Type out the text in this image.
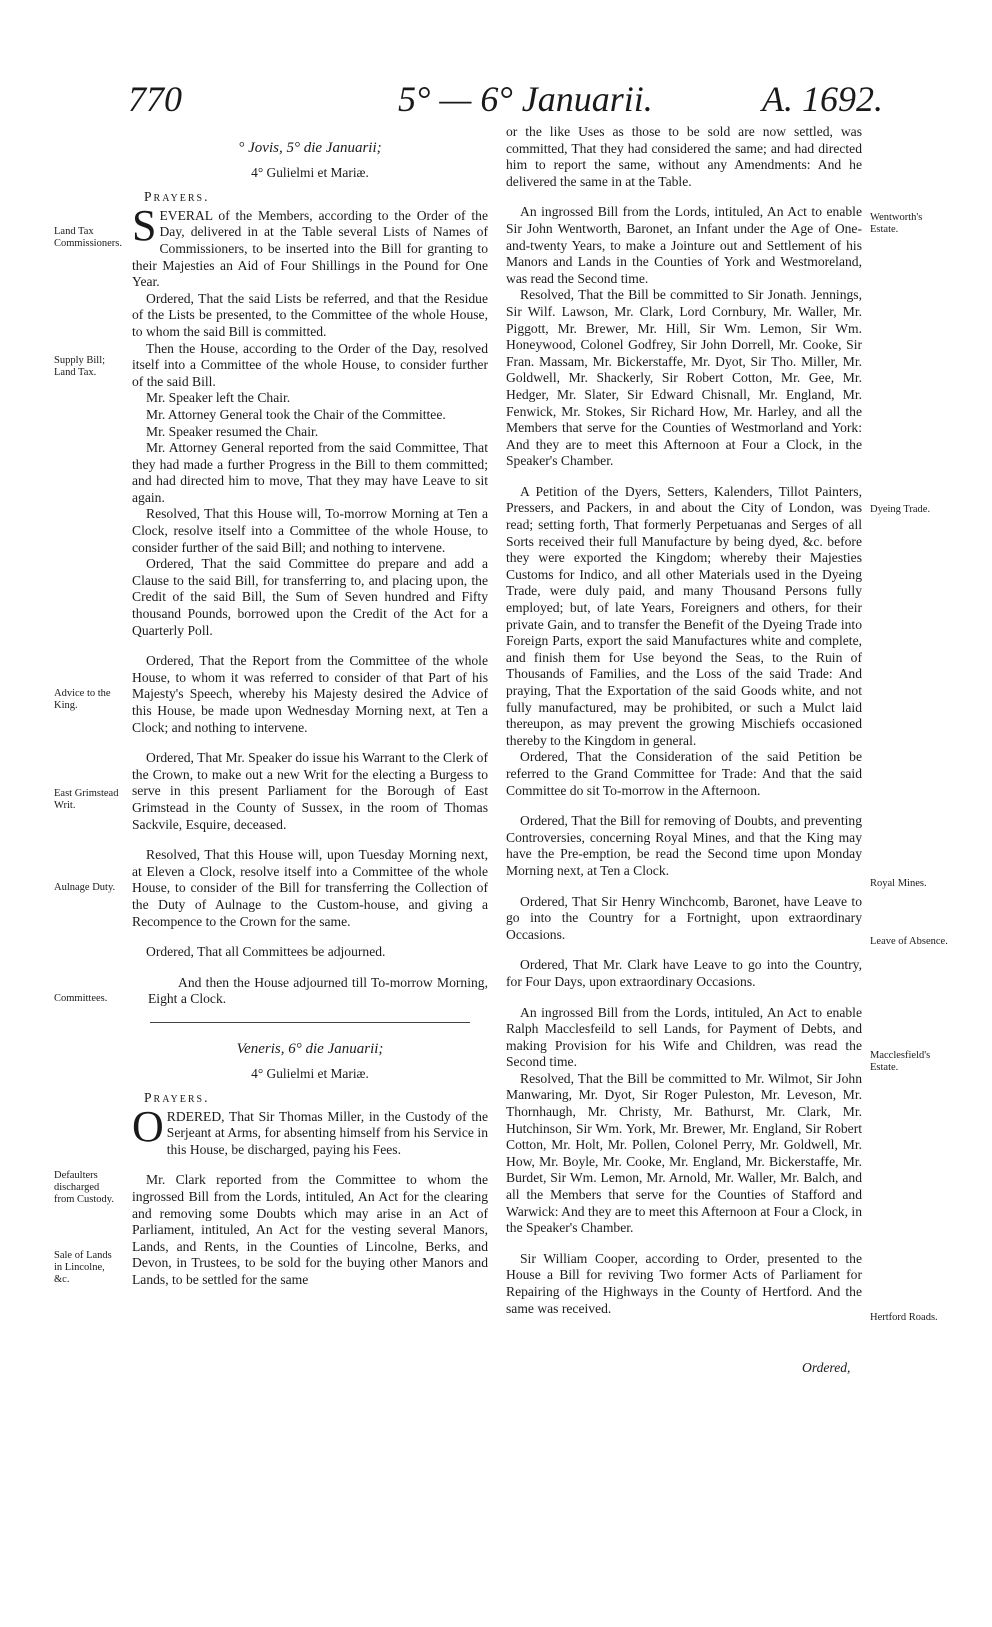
770	5° — 6° Januarii.	A. 1692.
Land Tax Commissioners.
Supply Bill; Land Tax.
Advice to the King.
East Grimstead Writ.
Aulnage Duty.
Committees.
Defaulters discharged from Custody.
Sale of Lands in Lincolne, &c.
Wentworth's Estate.
Dyeing Trade.
Royal Mines.
Leave of Absence.
Macclesfield's Estate.
Hertford Roads.
° Jovis, 5° die Januarii;
4° Gulielmi et Mariæ.
Prayers.

SEVERAL of the Members, according to the Order of the Day, delivered in at the Table several Lists of Names of Commissioners, to be inserted into the Bill for granting to their Majesties an Aid of Four Shillings in the Pound for One Year.

Ordered, That the said Lists be referred, and that the Residue of the Lists be presented, to the Committee of the whole House, to whom the said Bill is committed.

Then the House, according to the Order of the Day, resolved itself into a Committee of the whole House, to consider further of the said Bill.

Mr. Speaker left the Chair.

Mr. Attorney General took the Chair of the Committee.

Mr. Speaker resumed the Chair.

Mr. Attorney General reported from the said Committee, That they had made a further Progress in the Bill to them committed; and had directed him to move, That they may have Leave to sit again.

Resolved, That this House will, To-morrow Morning at Ten a Clock, resolve itself into a Committee of the whole House, to consider further of the said Bill; and nothing to intervene.

Ordered, That the said Committee do prepare and add a Clause to the said Bill, for transferring to, and placing upon, the Credit of the said Bill, the Sum of Seven hundred and Fifty thousand Pounds, borrowed upon the Credit of the Act for a Quarterly Poll.

Ordered, That the Report from the Committee of the whole House, to whom it was referred to consider of that Part of his Majesty's Speech, whereby his Majesty desired the Advice of this House, be made upon Wednesday Morning next, at Ten a Clock; and nothing to intervene.

Ordered, That Mr. Speaker do issue his Warrant to the Clerk of the Crown, to make out a new Writ for the electing a Burgess to serve in this present Parliament for the Borough of East Grimstead in the County of Sussex, in the room of Thomas Sackvile, Esquire, deceased.

Resolved, That this House will, upon Tuesday Morning next, at Eleven a Clock, resolve itself into a Committee of the whole House, to consider of the Bill for transferring the Collection of the Duty of Aulnage to the Custom-house, and giving a Recompence to the Crown for the same.

Ordered, That all Committees be adjourned.

And then the House adjourned till To-morrow Morning, Eight a Clock.

Veneris, 6° die Januarii;
4° Gulielmi et Mariæ.
Prayers.

ORDERED, That Sir Thomas Miller, in the Custody of the Serjeant at Arms, for absenting himself from his Service in this House, be discharged, paying his Fees.

Mr. Clark reported from the Committee to whom the ingrossed Bill from the Lords, intituled, An Act for the clearing and removing some Doubts which may arise in an Act of Parliament, intituled, An Act for the vesting several Manors, Lands, and Rents, in the Counties of Lincolne, Berks, and Devon, in Trustees, to be sold for the buying other Manors and Lands, to be settled for the same

or the like Uses as those to be sold are now settled, was committed, That they had considered the same; and had directed him to report the same, without any Amendments: And he delivered the same in at the Table.

An ingrossed Bill from the Lords, intituled, An Act to enable Sir John Wentworth, Baronet, an Infant under the Age of One-and-twenty Years, to make a Jointure out and Settlement of his Manors and Lands in the Counties of York and Westmoreland, was read the Second time.

Resolved, That the Bill be committed to Sir Jonath. Jennings, Sir Wilf. Lawson, Mr. Clark, Lord Cornbury, Mr. Waller, Mr. Piggott, Mr. Brewer, Mr. Hill, Sir Wm. Lemon, Sir Wm. Honeywood, Colonel Godfrey, Sir John Dorrell, Mr. Cooke, Sir Fran. Massam, Mr. Bickerstaffe, Mr. Dyot, Sir Tho. Miller, Mr. Goldwell, Mr. Shackerly, Sir Robert Cotton, Mr. Gee, Mr. Hedger, Mr. Slater, Sir Edward Chisnall, Mr. England, Mr. Fenwick, Mr. Stokes, Sir Richard How, Mr. Harley, and all the Members that serve for the Counties of Westmorland and York: And they are to meet this Afternoon at Four a Clock, in the Speaker's Chamber.

A Petition of the Dyers, Setters, Kalenders, Tillot Painters, Pressers, and Packers, in and about the City of London, was read; setting forth, That formerly Perpetuanas and Serges of all Sorts received their full Manufacture by being dyed, &c. before they were exported the Kingdom; whereby their Majesties Customs for Indico, and all other Materials used in the Dyeing Trade, were duly paid, and many Thousand Persons fully employed; but, of late Years, Foreigners and others, for their private Gain, and to transfer the Benefit of the Dyeing Trade into Foreign Parts, export the said Manufactures white and complete, and finish them for Use beyond the Seas, to the Ruin of Thousands of Families, and the Loss of the said Trade: And praying, That the Exportation of the said Goods white, and not fully manufactured, may be prohibited, or such a Mulct laid thereupon, as may prevent the growing Mischiefs occasioned thereby to the Kingdom in general.

Ordered, That the Consideration of the said Petition be referred to the Grand Committee for Trade: And that the said Committee do sit To-morrow in the Afternoon.

Ordered, That the Bill for removing of Doubts, and preventing Controversies, concerning Royal Mines, and that the King may have the Pre-emption, be read the Second time upon Monday Morning next, at Ten a Clock.

Ordered, That Sir Henry Winchcomb, Baronet, have Leave to go into the Country for a Fortnight, upon extraordinary Occasions.

Ordered, That Mr. Clark have Leave to go into the Country, for Four Days, upon extraordinary Occasions.

An ingrossed Bill from the Lords, intituled, An Act to enable Ralph Macclesfeild to sell Lands, for Payment of Debts, and making Provision for his Wife and Children, was read the Second time.

Resolved, That the Bill be committed to Mr. Wilmot, Sir John Manwaring, Mr. Dyot, Sir Roger Puleston, Mr. Leveson, Mr. Thornhaugh, Mr. Christy, Mr. Bathurst, Mr. Clark, Mr. Hutchinson, Sir Wm. York, Mr. Brewer, Mr. England, Sir Robert Cotton, Mr. Holt, Mr. Pollen, Colonel Perry, Mr. Goldwell, Mr. How, Mr. Boyle, Mr. Cooke, Mr. England, Mr. Bickerstaffe, Mr. Burdet, Sir Wm. Lemon, Mr. Arnold, Mr. Waller, Mr. Balch, and all the Members that serve for the Counties of Stafford and Warwick: And they are to meet this Afternoon at Four a Clock, in the Speaker's Chamber.

Sir William Cooper, according to Order, presented to the House a Bill for reviving Two former Acts of Parliament for Repairing of the Highways in the County of Hertford. And the same was received.

Ordered,
